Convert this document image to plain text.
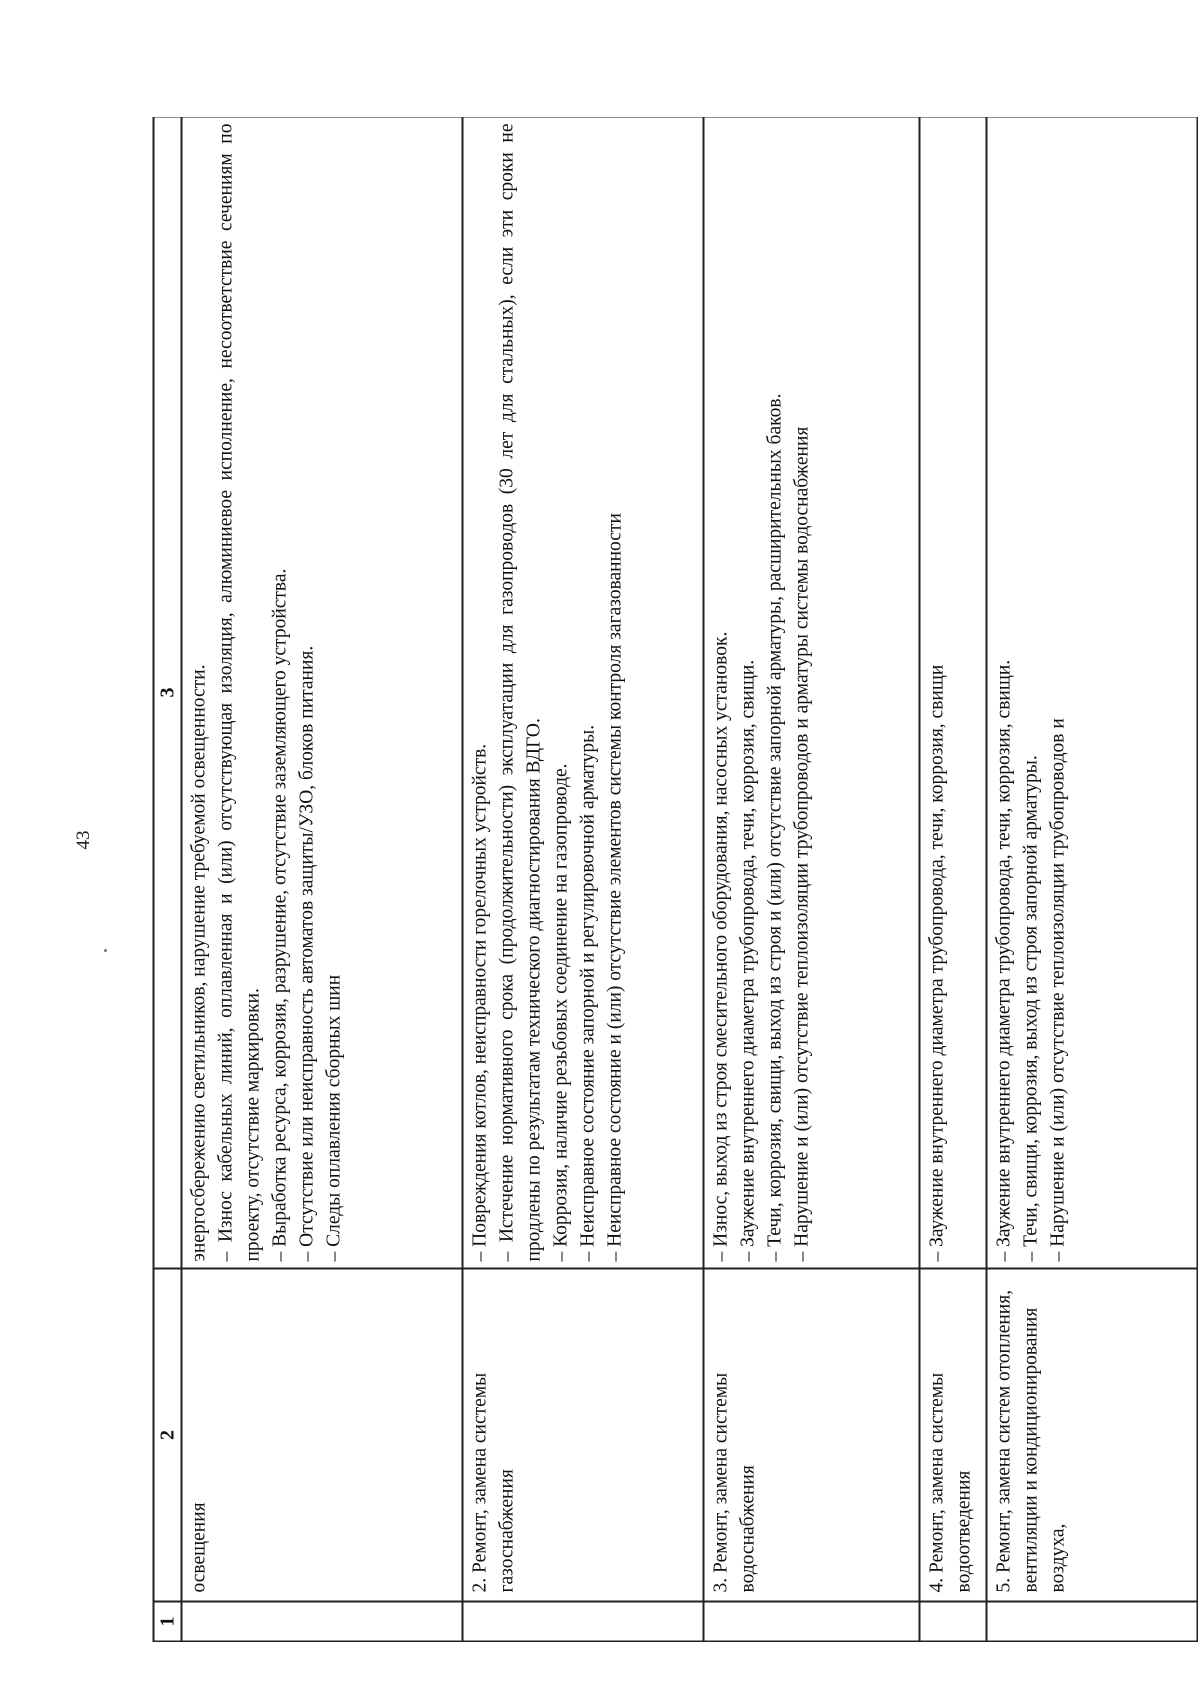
43
1	2	3
	освещения	энергосбережению светильников, нарушение требуемой освещенности. – Износ кабельных линий, оплавленная и (или) отсутствующая изоляция, алюминиевое исполнение, несоответствие сечениям по проекту, отсутствие маркировки. – Выработка ресурса, коррозия, разрушение, отсутствие заземляющего устройства. – Отсутствие или неисправность автоматов защиты/УЗО, блоков питания. – Следы оплавления сборных шин

	2. Ремонт, замена системы газоснабжения	– Повреждения котлов, неисправности горелочных устройств. – Истечение нормативного срока (продолжительности) эксплуатации для газопроводов (30 лет для стальных), если эти сроки не продлены по результатам технического диагностирования ВДГО. – Коррозия, наличие резьбовых соединение на газопроводе. – Неисправное состояние запорной и регулировочной арматуры. – Неисправное состояние и (или) отсутствие элементов системы контроля загазованности

	3. Ремонт, замена системы водоснабжения	– Износ, выход из строя смесительного оборудования, насосных установок. – Заужение внутреннего диаметра трубопровода, течи, коррозия, свищи. – Течи, коррозия, свищи, выход из строя и (или) отсутствие запорной арматуры, расширительных баков. – Нарушение и (или) отсутствие теплоизоляции трубопроводов и арматуры системы водоснабжения

	4. Ремонт, замена системы водоотведения	– Заужение внутреннего диаметра трубопровода, течи, коррозия, свищи

	5. Ремонт, замена систем отопления, вентиляции и кондиционирования воздуха,	– Заужение внутреннего диаметра трубопровода, течи, коррозия, свищи. – Течи, свищи, коррозия, выход из строя запорной арматуры. – Нарушение и (или) отсутствие теплоизоляции трубопроводов и
